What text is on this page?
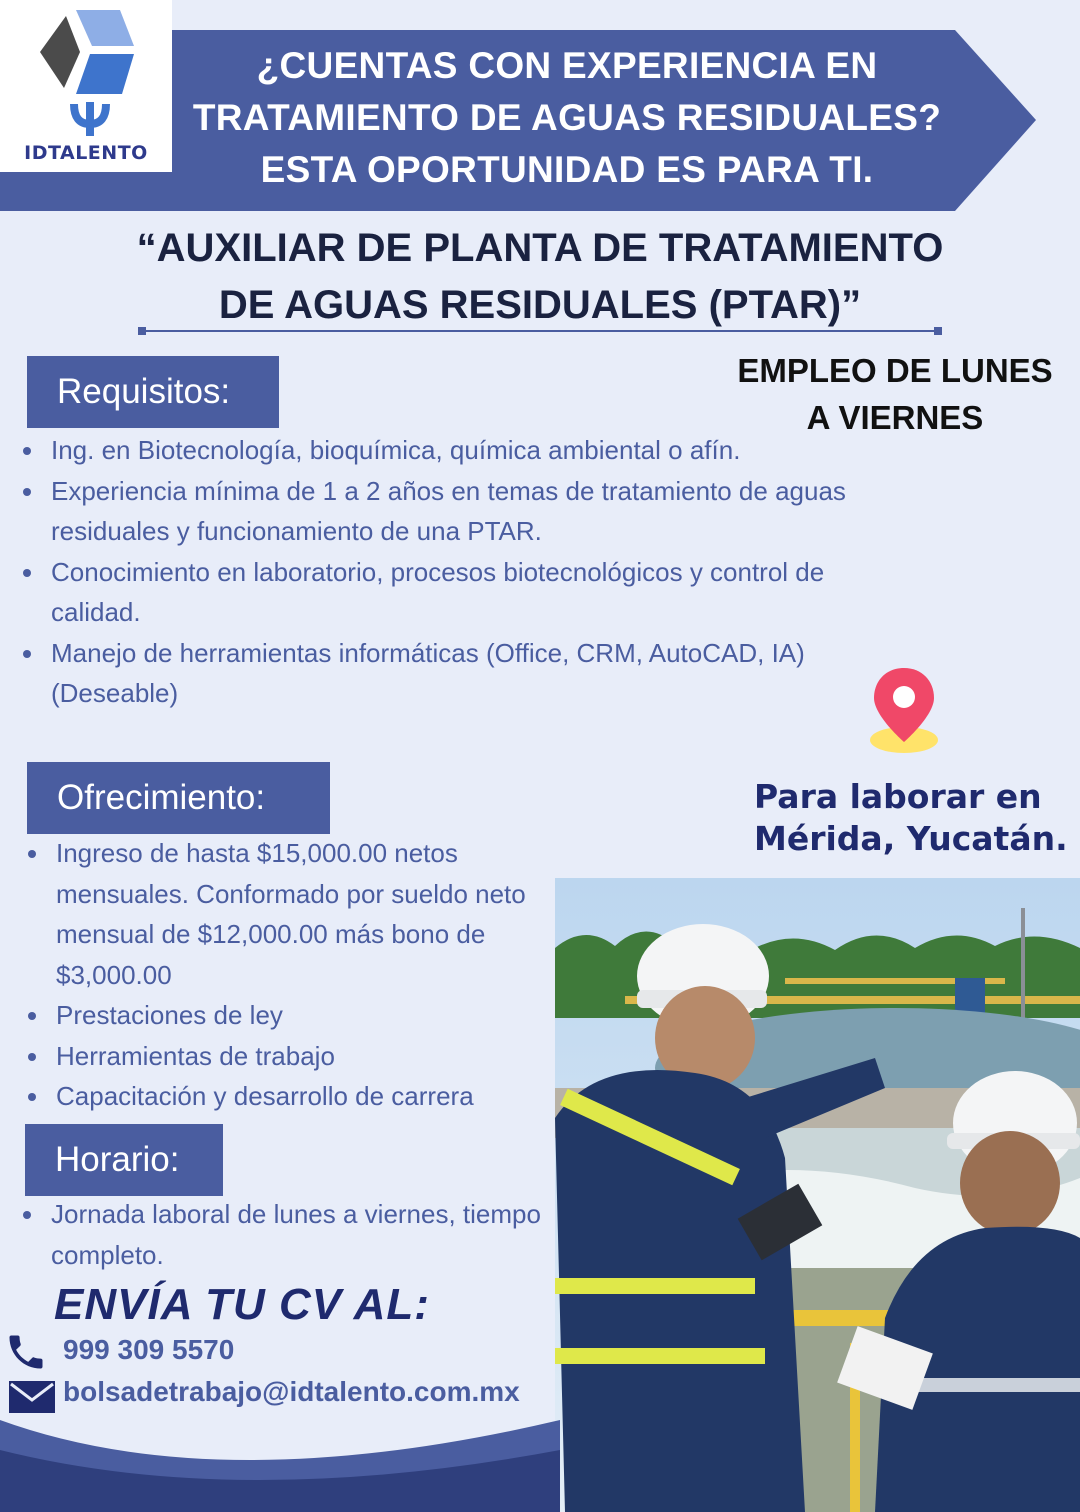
¿CUENTAS CON EXPERIENCIA EN
TRATAMIENTO DE AGUAS RESIDUALES?
ESTA OPORTUNIDAD ES PARA TI.
IDTALENTO
“AUXILIAR DE PLANTA DE TRATAMIENTO
DE AGUAS RESIDUALES (PTAR)”
EMPLEO DE LUNES
A VIERNES
Requisitos:
Ing. en Biotecnología, bioquímica, química ambiental o afín.
Experiencia mínima de 1 a 2 años en temas de tratamiento de aguas residuales y funcionamiento de una PTAR.
Conocimiento en laboratorio, procesos biotecnológicos y control de calidad.
Manejo de herramientas informáticas (Office, CRM, AutoCAD, IA) (Deseable)
Para laborar en
Mérida, Yucatán.
Ofrecimiento:
Ingreso de hasta $15,000.00 netos mensuales. Conformado por sueldo neto mensual de $12,000.00 más bono de $3,000.00
Prestaciones de ley
Herramientas de trabajo
Capacitación y desarrollo de carrera
Horario:
Jornada laboral de lunes a viernes, tiempo completo.
ENVÍA TU CV AL:
999 309 5570
bolsadetrabajo@idtalento.com.mx
